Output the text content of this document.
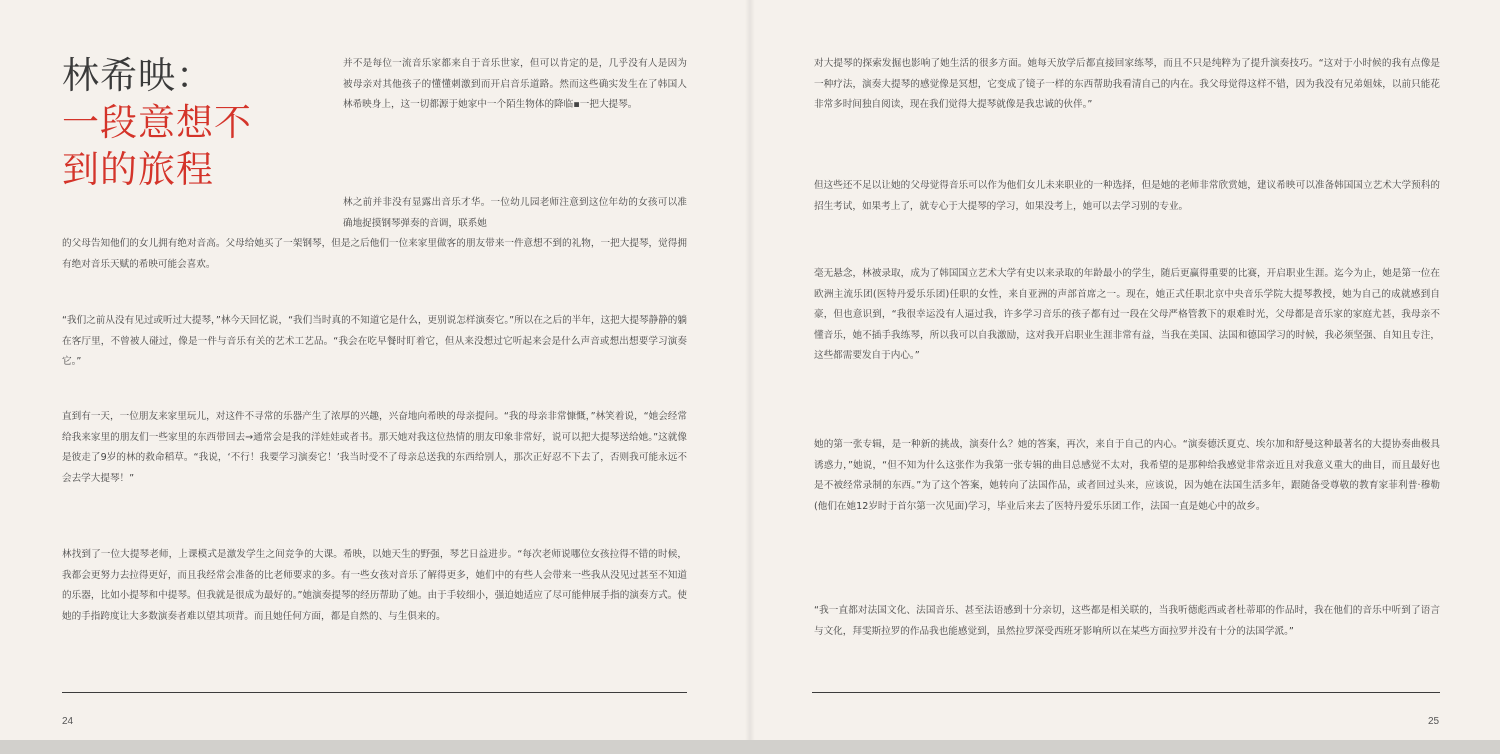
林希映：
一段意想不
到的旅程

并不是每位一流音乐家都来自于音乐世家，但可以肯定的是，几乎没有人是因为被母亲对其他孩子的懂懂刺激到而开启音乐道路。然而这些确实发生在了韩国人林希映身上，这一切都源于她家中一个陌生物体的降临▪一把大提琴。

林之前并非没有显露出音乐才华。一位幼儿园老师注意到这位年幼的女孩可以准确地捉摸钢琴弹奏的音调，联系她

的父母告知他们的女儿拥有绝对音高。父母给她买了一架钢琴，但是之后他们一位来家里做客的朋友带来一件意想不到的礼物，一把大提琴，觉得拥有绝对音乐天赋的希映可能会喜欢。

“我们之前从没有见过或听过大提琴，”林今天回忆说，“我们当时真的不知道它是什么，更别说怎样演奏它。”所以在之后的半年，这把大提琴静静的躺在客厅里，不曾被人碰过，像是一件与音乐有关的艺术工艺品。“我会在吃早餐时盯着它，但从来没想过它听起来会是什么声音或想出想要学习演奏它。”

直到有一天，一位朋友来家里玩儿，对这件不寻常的乐器产生了浓厚的兴趣，兴奋地向希映的母亲提问。“我的母亲非常慷慨，”林笑着说，“她会经常给我来家里的朋友们一些家里的东西带回去→通常会是我的洋娃娃或者书。那天她对我这位热情的朋友印象非常好，说可以把大提琴送给她。”这就像是彼走了9岁的林的救命稻草。“我说，‘不行！我要学习演奏它！’我当时受不了母亲总送我的东西给别人，那次正好忍不下去了，否则我可能永远不会去学大提琴！”

林找到了一位大提琴老师，上课模式是激发学生之间竞争的大课。希映，以她天生的野强，琴艺日益进步。“每次老师说哪位女孩拉得不错的时候，我都会更努力去拉得更好，而且我经常会准备的比老师要求的多。有一些女孩对音乐了解得更多，她们中的有些人会带来一些我从没见过甚至不知道的乐器，比如小提琴和中提琴。但我就是很成为最好的。”她演奏提琴的经历帮助了她。由于手较细小，强迫她适应了尽可能伸展手指的演奏方式。使她的手指跨度让大多数演奏者难以望其项背。而且她任何方面，都是自然的、与生俱来的。

24

对大提琴的探索发掘也影响了她生活的很多方面。她每天放学后都直接回家练琴，而且不只是纯粹为了提升演奏技巧。“这对于小时候的我有点像是一种疗法，演奏大提琴的感觉像是冥想，它变成了镜子一样的东西帮助我看清自己的内在。我父母觉得这样不错，因为我没有兄弟姐妹，以前只能花非常多时间独自阅读，现在我们觉得大提琴就像是我忠诚的伙伴。”

但这些还不足以让她的父母觉得音乐可以作为他们女儿未来职业的一种选择，但是她的老师非常欣赏她，建议希映可以准备韩国国立艺术大学预科的招生考试，如果考上了，就专心于大提琴的学习，如果没考上，她可以去学习别的专业。

毫无悬念，林被录取，成为了韩国国立艺术大学有史以来录取的年龄最小的学生，随后更赢得重要的比赛，开启职业生涯。迄今为止，她是第一位在欧洲主流乐团(医特丹爱乐乐团)任职的女性，来自亚洲的声部首席之一。现在，她正式任职北京中央音乐学院大提琴教授，她为自己的成就感到自豪，但也意识到，“我很幸运没有人逼过我，许多学习音乐的孩子都有过一段在父母严格管教下的艰难时光，父母都是音乐家的家庭尤甚，我母亲不懂音乐，她不插手我练琴，所以我可以自我激励，这对我开启职业生涯非常有益，当我在美国、法国和德国学习的时候，我必须坚强、自知且专注，这些都需要发自于内心。”

她的第一张专辑，是一种新的挑战，演奏什么？她的答案，再次，来自于自己的内心。“演奏德沃夏克、埃尔加和舒曼这种最著名的大提协奏曲极具诱惑力，”她说，“但不知为什么这张作为我第一张专辑的曲目总感觉不太对，我希望的是那种给我感觉非常亲近且对我意义重大的曲目，而且最好也是不被经常录制的东西。”为了这个答案，她转向了法国作品，或者回过头来，应该说，因为她在法国生活多年，跟随备受尊敬的教育家菲利普·穆勒(他们在她12岁时于首尔第一次见面)学习，毕业后来去了医特丹爱乐乐团工作，法国一直是她心中的故乡。

“我一直都对法国文化、法国音乐、甚至法语感到十分亲切，这些都是相关联的，当我听德彪西或者杜蒂耶的作品时，我在他们的音乐中听到了语言与文化，拜雯斯拉罗的作品我也能感觉到，虽然拉罗深受西班牙影响所以在某些方面拉罗并没有十分的法国学派。”

25
